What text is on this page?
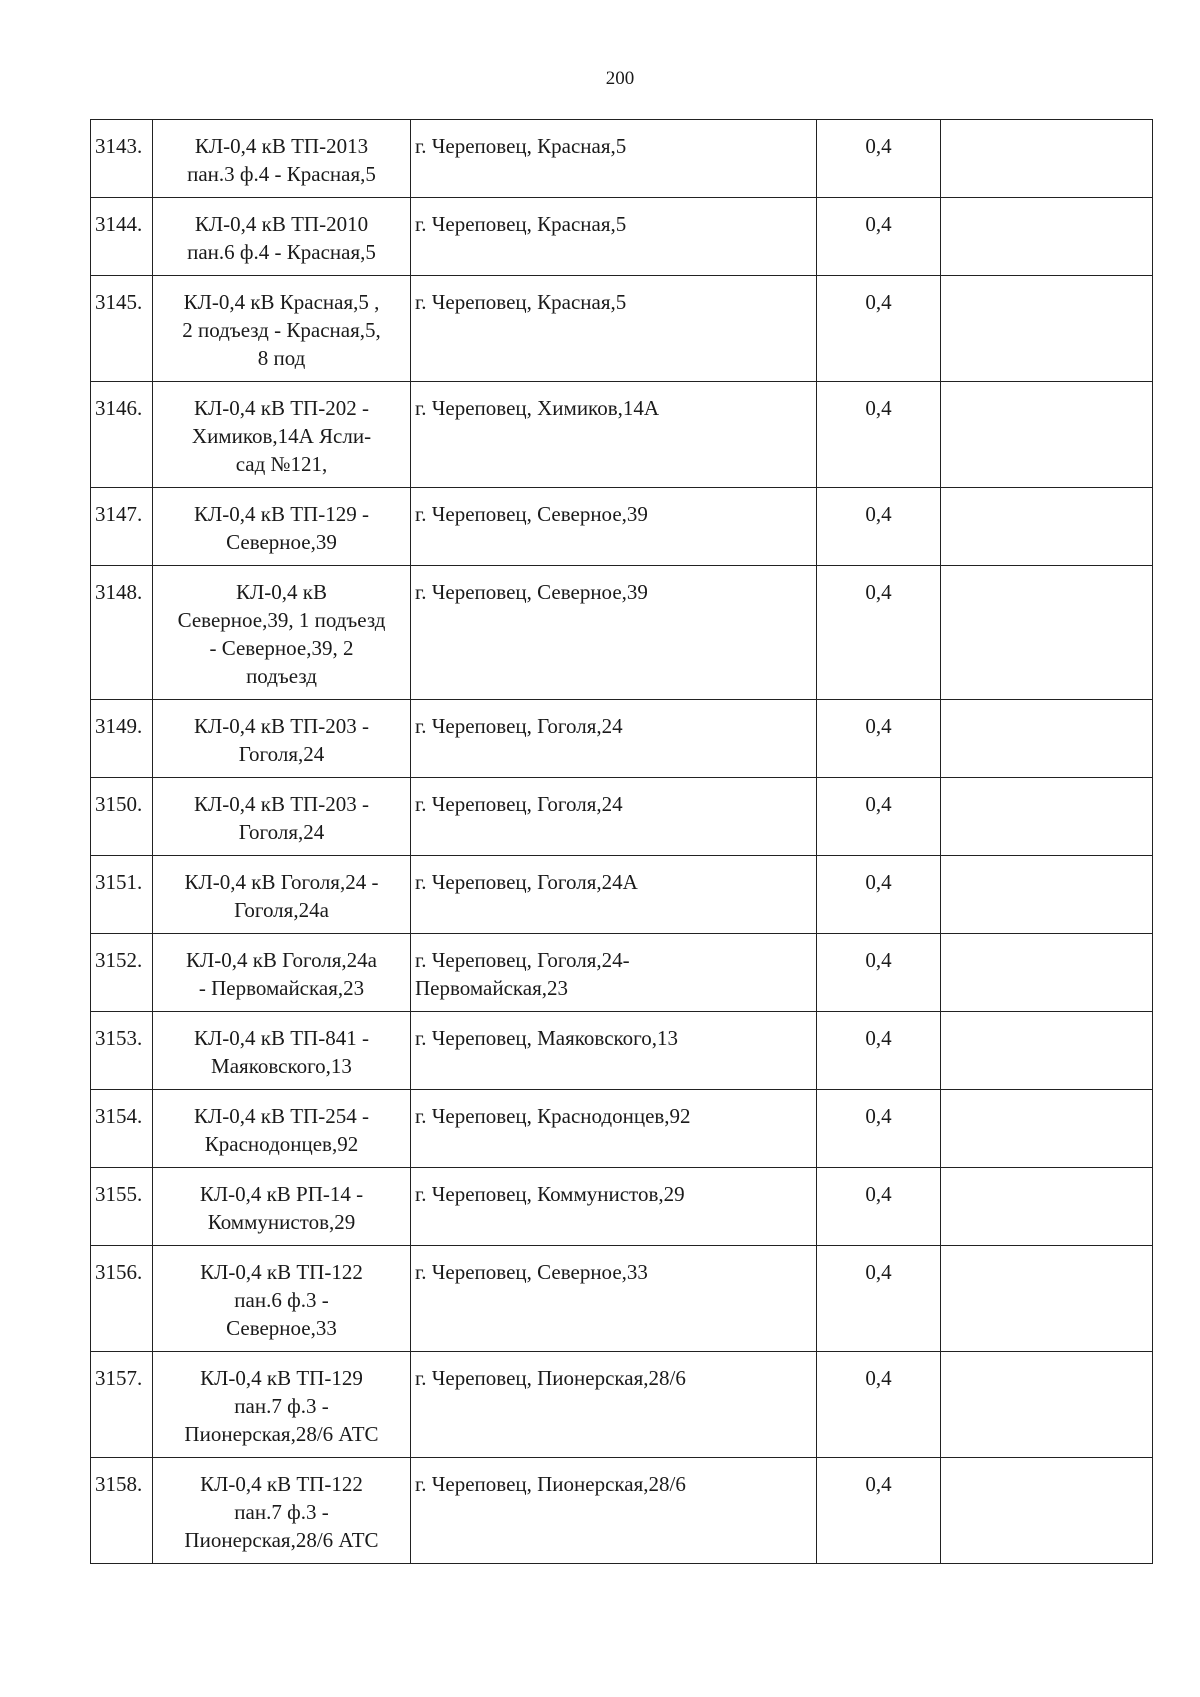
200
3143.	КЛ-0,4 кВ ТП-2013
пан.3 ф.4 - Красная,5	г. Череповец, Красная,5	0,4	
3144.	КЛ-0,4 кВ ТП-2010
пан.6 ф.4 - Красная,5	г. Череповец, Красная,5	0,4	
3145.	КЛ-0,4 кВ Красная,5 ,
2 подъезд - Красная,5,
8 под	г. Череповец, Красная,5	0,4	
3146.	КЛ-0,4 кВ ТП-202 -
Химиков,14А Ясли-
сад №121,	г. Череповец, Химиков,14А	0,4	
3147.	КЛ-0,4 кВ ТП-129 -
Северное,39	г. Череповец, Северное,39	0,4	
3148.	КЛ-0,4 кВ
Северное,39, 1 подъезд
- Северное,39, 2
подъезд	г. Череповец, Северное,39	0,4	
3149.	КЛ-0,4 кВ ТП-203 -
Гоголя,24	г. Череповец, Гоголя,24	0,4	
3150.	КЛ-0,4 кВ ТП-203 -
Гоголя,24	г. Череповец, Гоголя,24	0,4	
3151.	КЛ-0,4 кВ Гоголя,24 -
Гоголя,24а	г. Череповец, Гоголя,24А	0,4	
3152.	КЛ-0,4 кВ Гоголя,24а
- Первомайская,23	г. Череповец, Гоголя,24-
Первомайская,23	0,4	
3153.	КЛ-0,4 кВ ТП-841 -
Маяковского,13	г. Череповец, Маяковского,13	0,4	
3154.	КЛ-0,4 кВ ТП-254 -
Краснодонцев,92	г. Череповец, Краснодонцев,92	0,4	
3155.	КЛ-0,4 кВ РП-14 -
Коммунистов,29	г. Череповец, Коммунистов,29	0,4	
3156.	КЛ-0,4 кВ ТП-122
пан.6 ф.3 -
Северное,33	г. Череповец, Северное,33	0,4	
3157.	КЛ-0,4 кВ ТП-129
пан.7 ф.3 -
Пионерская,28/6 АТС	г. Череповец, Пионерская,28/6	0,4	
3158.	КЛ-0,4 кВ ТП-122
пан.7 ф.3 -
Пионерская,28/6 АТС	г. Череповец, Пионерская,28/6	0,4	
